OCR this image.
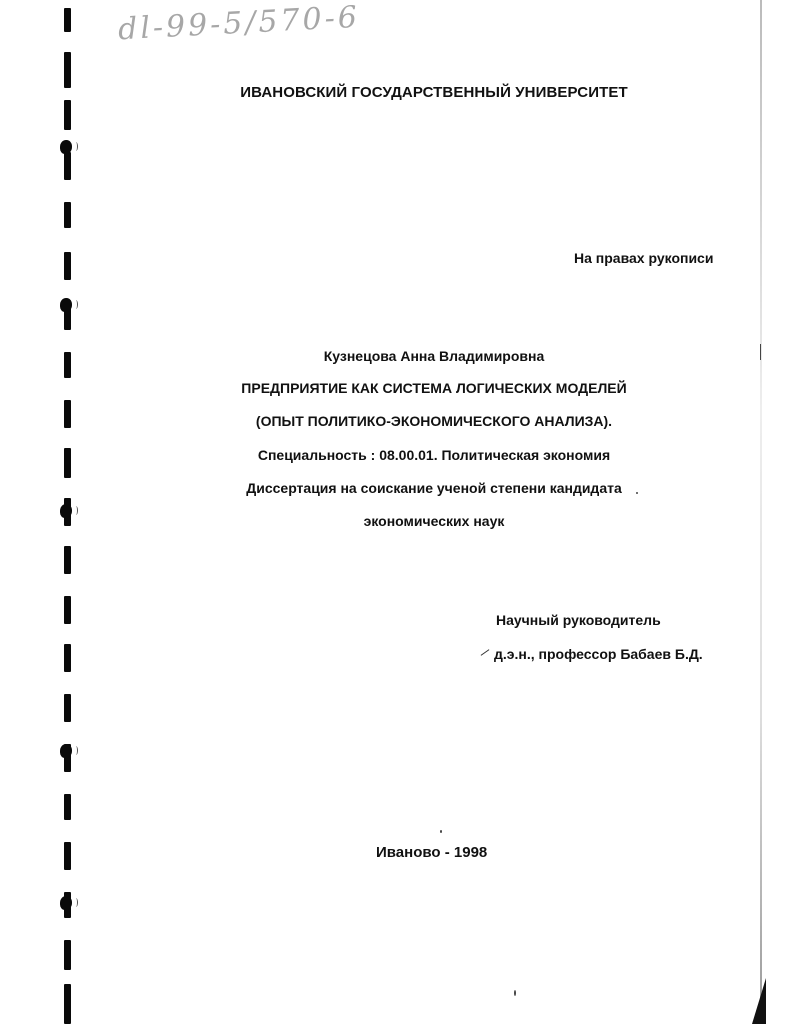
dl-99-5/570-6
ИВАНОВСКИЙ ГОСУДАРСТВЕННЫЙ УНИВЕРСИТЕТ
На правах рукописи
Кузнецова Анна Владимировна
ПРЕДПРИЯТИЕ КАК СИСТЕМА ЛОГИЧЕСКИХ МОДЕЛЕЙ
(ОПЫТ ПОЛИТИКО-ЭКОНОМИЧЕСКОГО АНАЛИЗА).
Специальность : 08.00.01. Политическая экономия
Диссертация на соискание ученой степени кандидата
экономических наук
Научный руководитель
д.э.н., профессор Бабаев Б.Д.
Иваново - 1998
